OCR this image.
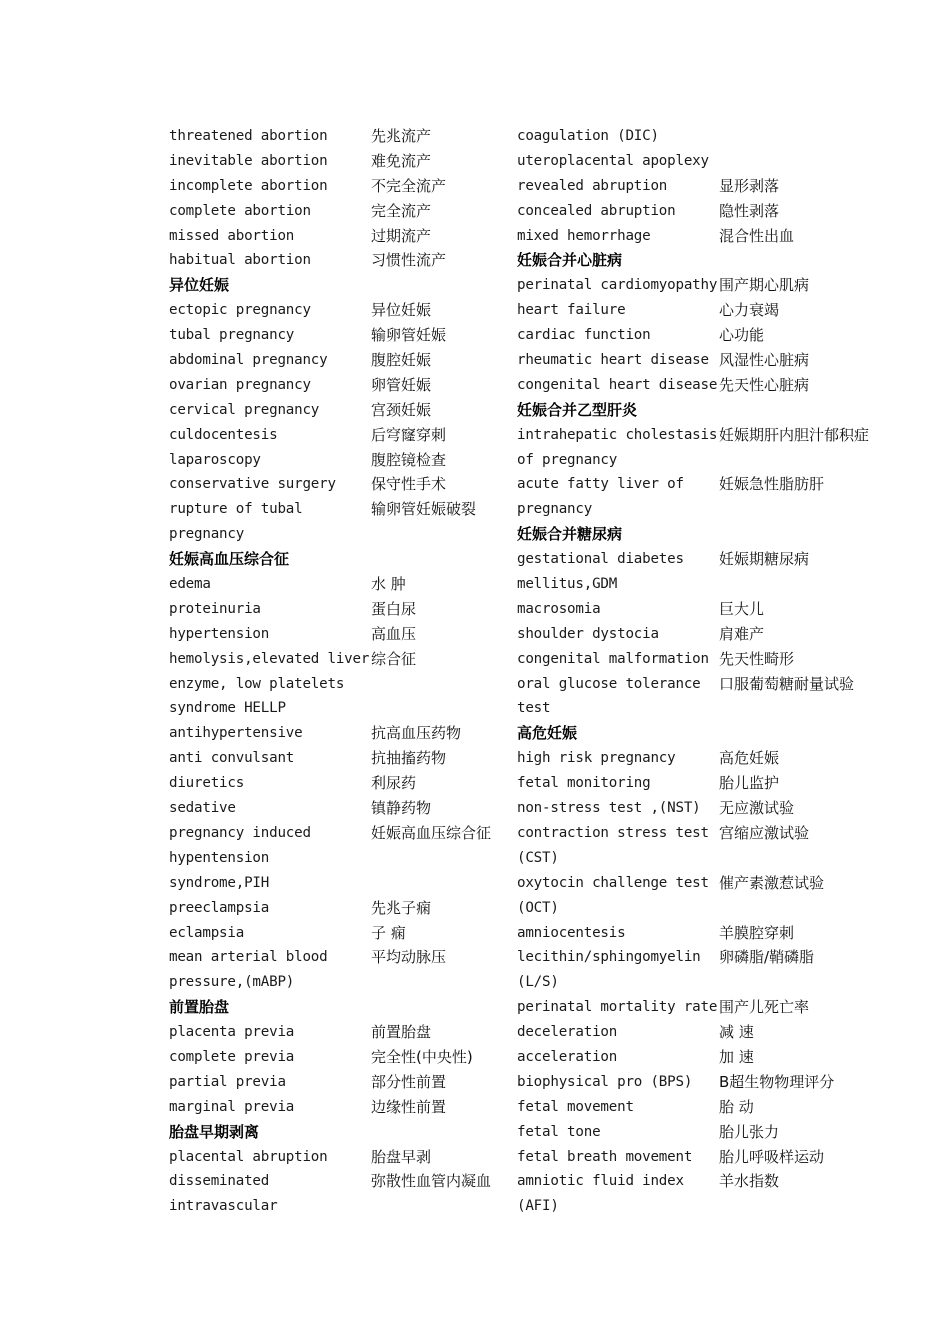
threatened abortion	先兆流产
inevitable abortion	难免流产
incomplete abortion	不完全流产
complete abortion	完全流产
missed abortion	过期流产
habitual abortion	习惯性流产
异位妊娠
ectopic pregnancy	异位妊娠
tubal pregnancy	输卵管妊娠
abdominal pregnancy	腹腔妊娠
ovarian pregnancy	卵管妊娠
cervical pregnancy	宫颈妊娠
culdocentesis	后穹窿穿刺
laparoscopy	腹腔镜检查
conservative surgery 保守性手术
rupture of tubal	输卵管妊娠破裂
pregnancy
妊娠高血压综合征
edema	水 肿
proteinuria	蛋白尿
hypertension	高血压
hemolysis,elevated liver 综合征
enzyme, low platelets
syndrome HELLP
antihypertensive	抗高血压药物
anti convulsant	抗抽搐药物
diuretics	利尿药
sedative	镇静药物
pregnancy induced	妊娠高血压综合征
hypentension
syndrome,PIH
preeclampsia	先兆子痫
eclampsia	子 痫
mean arterial blood	平均动脉压
pressure,(mABP)
前置胎盘
placenta previa	前置胎盘
complete previa	完全性(中央性)
partial previa	部分性前置
marginal previa	边缘性前置
胎盘早期剥离
placental abruption	胎盘早剥
disseminated	弥散性血管内凝血
intravascular
coagulation (DIC)
uteroplacental apoplexy
revealed abruption	显形剥落
concealed abruption	隐性剥落
mixed hemorrhage	混合性出血
妊娠合并心脏病
perinatal cardiomyopathy 围产期心肌病
heart failure	心力衰竭
cardiac function	心功能
rheumatic heart disease 风湿性心脏病
congenital heart disease 先天性心脏病
妊娠合并乙型肝炎
intrahepatic cholestasis 妊娠期肝内胆汁郁积症
of pregnancy
acute fatty liver of 妊娠急性脂肪肝
pregnancy
妊娠合并糖尿病
gestational diabetes 妊娠期糖尿病
mellitus,GDM
macrosomia	巨大儿
shoulder dystocia	肩难产
congenital malformation 先天性畸形
oral glucose tolerance 口服葡萄糖耐量试验
test
高危妊娠
high risk pregnancy	高危妊娠
fetal monitoring	胎儿监护
non-stress test ,(NST) 无应激试验
contraction stress test 宫缩应激试验
(CST)
oxytocin challenge test 催产素激惹试验
(OCT)
amniocentesis	羊膜腔穿刺
lecithin/sphingomyelin 卵磷脂/鞘磷脂
(L/S)
perinatal mortality rate 围产儿死亡率
deceleration	减 速
acceleration	加 速
biophysical pro (BPS) B超生物物理评分
fetal movement	胎 动
fetal tone	胎儿张力
fetal breath movement 胎儿呼吸样运动
amniotic fluid index 羊水指数
(AFI)
